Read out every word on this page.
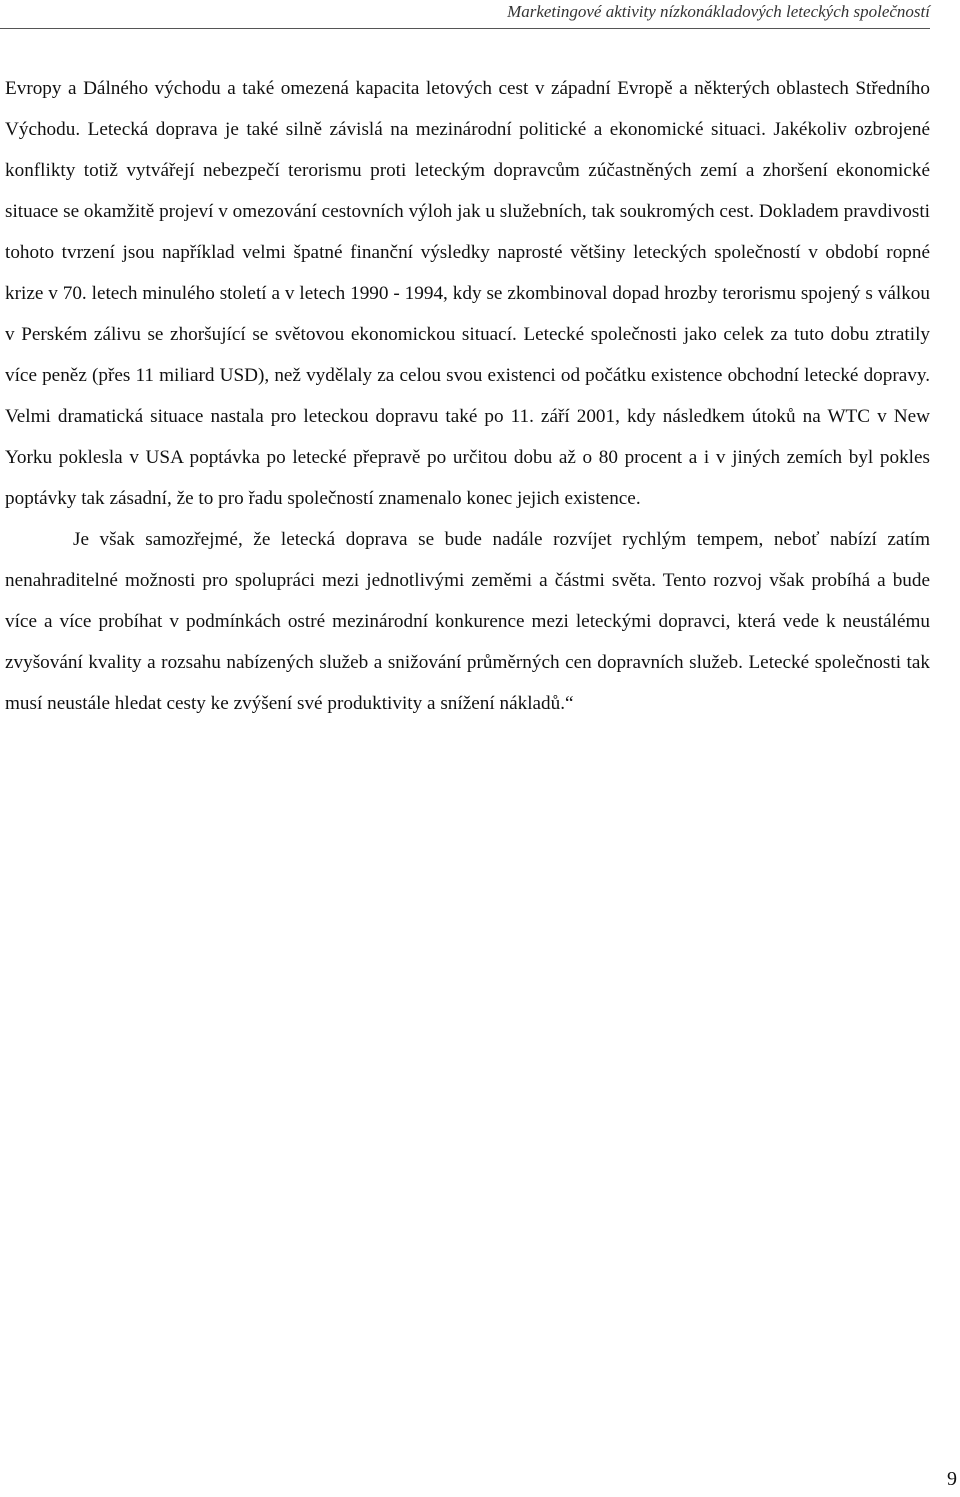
Marketingové aktivity nízkonákladových leteckých společností

Evropy a Dálného východu a také omezená kapacita letových cest v západní Evropě a některých oblastech Středního Východu. Letecká doprava je také silně závislá na mezinárodní politické a ekonomické situaci. Jakékoliv ozbrojené konflikty totiž vytvářejí nebezpečí terorismu proti leteckým dopravcům zúčastněných zemí a zhoršení ekonomické situace se okamžitě projeví v omezování cestovních výloh jak u služebních, tak soukromých cest. Dokladem pravdivosti tohoto tvrzení jsou například velmi špatné finanční výsledky naprosté většiny leteckých společností v období ropné krize v 70. letech minulého století a v letech 1990 - 1994, kdy se zkombinoval dopad hrozby terorismu spojený s válkou v Perském zálivu se zhoršující se světovou ekonomickou situací. Letecké společnosti jako celek za tuto dobu ztratily více peněz (přes 11 miliard USD), než vydělaly za celou svou existenci od počátku existence obchodní letecké dopravy. Velmi dramatická situace nastala pro leteckou dopravu také po 11. září 2001, kdy následkem útoků na WTC v New Yorku poklesla v USA poptávka po letecké přepravě po určitou dobu až o 80 procent a i v jiných zemích byl pokles poptávky tak zásadní, že to pro řadu společností znamenalo konec jejich existence.

Je však samozřejmé, že letecká doprava se bude nadále rozvíjet rychlým tempem, neboť nabízí zatím nenahraditelné možnosti pro spolupráci mezi jednotlivými zeměmi a částmi světa. Tento rozvoj však probíhá a bude více a více probíhat v podmínkách ostré mezinárodní konkurence mezi leteckými dopravci, která vede k neustálému zvyšování kvality a rozsahu nabízených služeb a snižování průměrných cen dopravních služeb. Letecké společnosti tak musí neustále hledat cesty ke zvýšení své produktivity a snížení nákladů.“

9
